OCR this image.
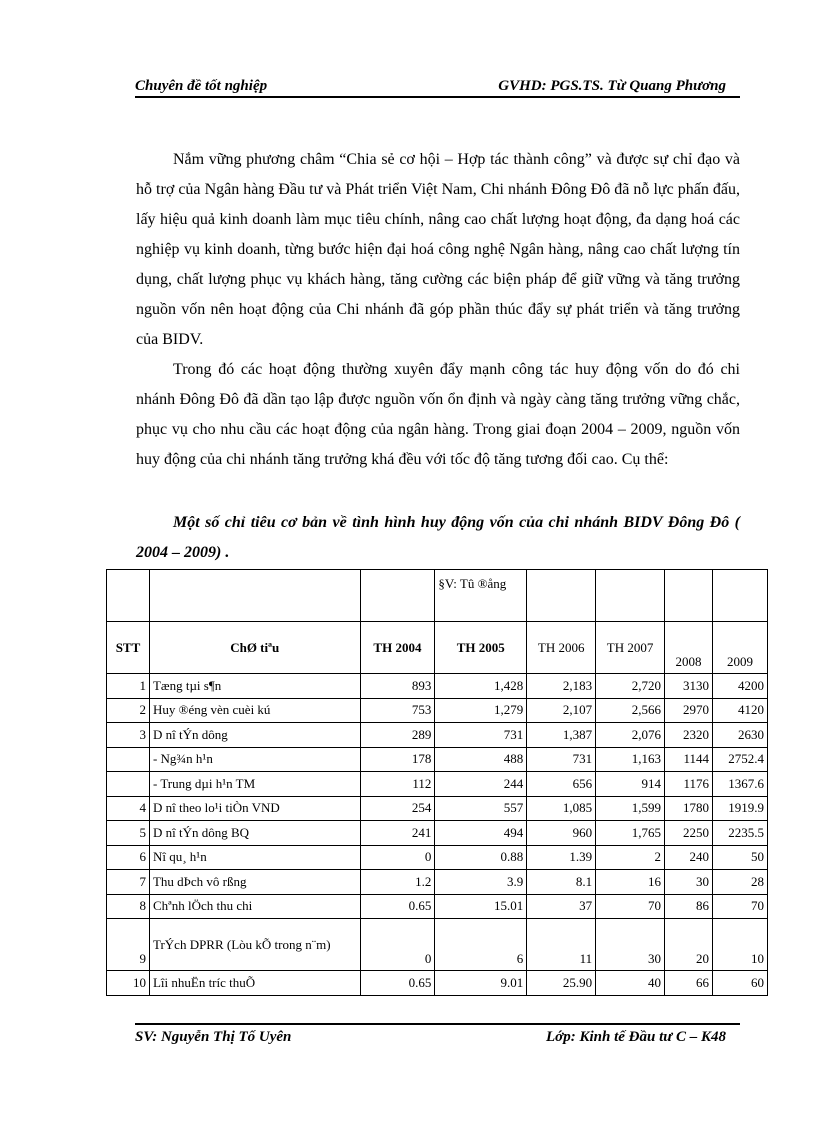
Chuyên đề tốt nghiệp	GVHD: PGS.TS. Từ Quang Phương

Nắm vững phương châm “Chia sẻ cơ hội – Hợp tác thành công” và được sự chỉ đạo và hỗ trợ của Ngân hàng Đầu tư và Phát triển Việt Nam, Chi nhánh Đông Đô đã nỗ lực phấn đấu, lấy hiệu quả kinh doanh làm mục tiêu chính, nâng cao chất lượng hoạt động, đa dạng hoá các nghiệp vụ kinh doanh, từng bước hiện đại hoá công nghệ Ngân hàng, nâng cao chất lượng tín dụng, chất lượng phục vụ khách hàng, tăng cường các biện pháp để giữ vững và tăng trưởng nguồn vốn nên hoạt động của Chi nhánh đã góp phần thúc đẩy sự phát triển và tăng trưởng của BIDV.

Trong đó các hoạt động thường xuyên đẩy mạnh công tác huy động vốn do đó chi nhánh Đông Đô đã dần tạo lập được nguồn vốn ổn định và ngày càng tăng trưởng vững chắc, phục vụ cho nhu cầu các hoạt động của ngân hàng. Trong giai đoạn 2004 – 2009, nguồn vốn huy động của chi nhánh tăng trưởng khá đều với tốc độ tăng tương đối cao. Cụ thể:

Một số chỉ tiêu cơ bản về tình hình huy động vốn của chi nhánh BIDV Đông Đô ( 2004 – 2009) .

			§V: Tû ®ång				
STT	ChØ tiªu	TH 2004	TH 2005	TH 2006	TH 2007	2008	2009
1	Tæng tµi s¶n	893	1,428	2,183	2,720	3130	4200
2	Huy ®éng vèn cuèi kú	753	1,279	2,107	2,566	2970	4120
3	D nî tÝn dông	289	731	1,387	2,076	2320	2630
	- Ng¾n h¹n	178	488	731	1,163	1144	2752.4
	- Trung dµi h¹n TM	112	244	656	914	1176	1367.6
4	D nî theo lo¹i tiÒn VND	254	557	1,085	1,599	1780	1919.9
5	D nî tÝn dông BQ	241	494	960	1,765	2250	2235.5
6	Nî qu¸ h¹n	0	0.88	1.39	2	240	50
7	Thu dÞch vô rßng	1.2	3.9	8.1	16	30	28
8	Chªnh lÖch thu chi	0.65	15.01	37	70	86	70
9	TrÝch DPRR (Lòu kÕ trong n¨m)	0	6	11	30	20	10
10	Lîi nhuËn tríc thuÕ	0.65	9.01	25.90	40	66	60
SV: Nguyễn Thị Tố Uyên	Lớp: Kinh tế Đầu tư C – K48
